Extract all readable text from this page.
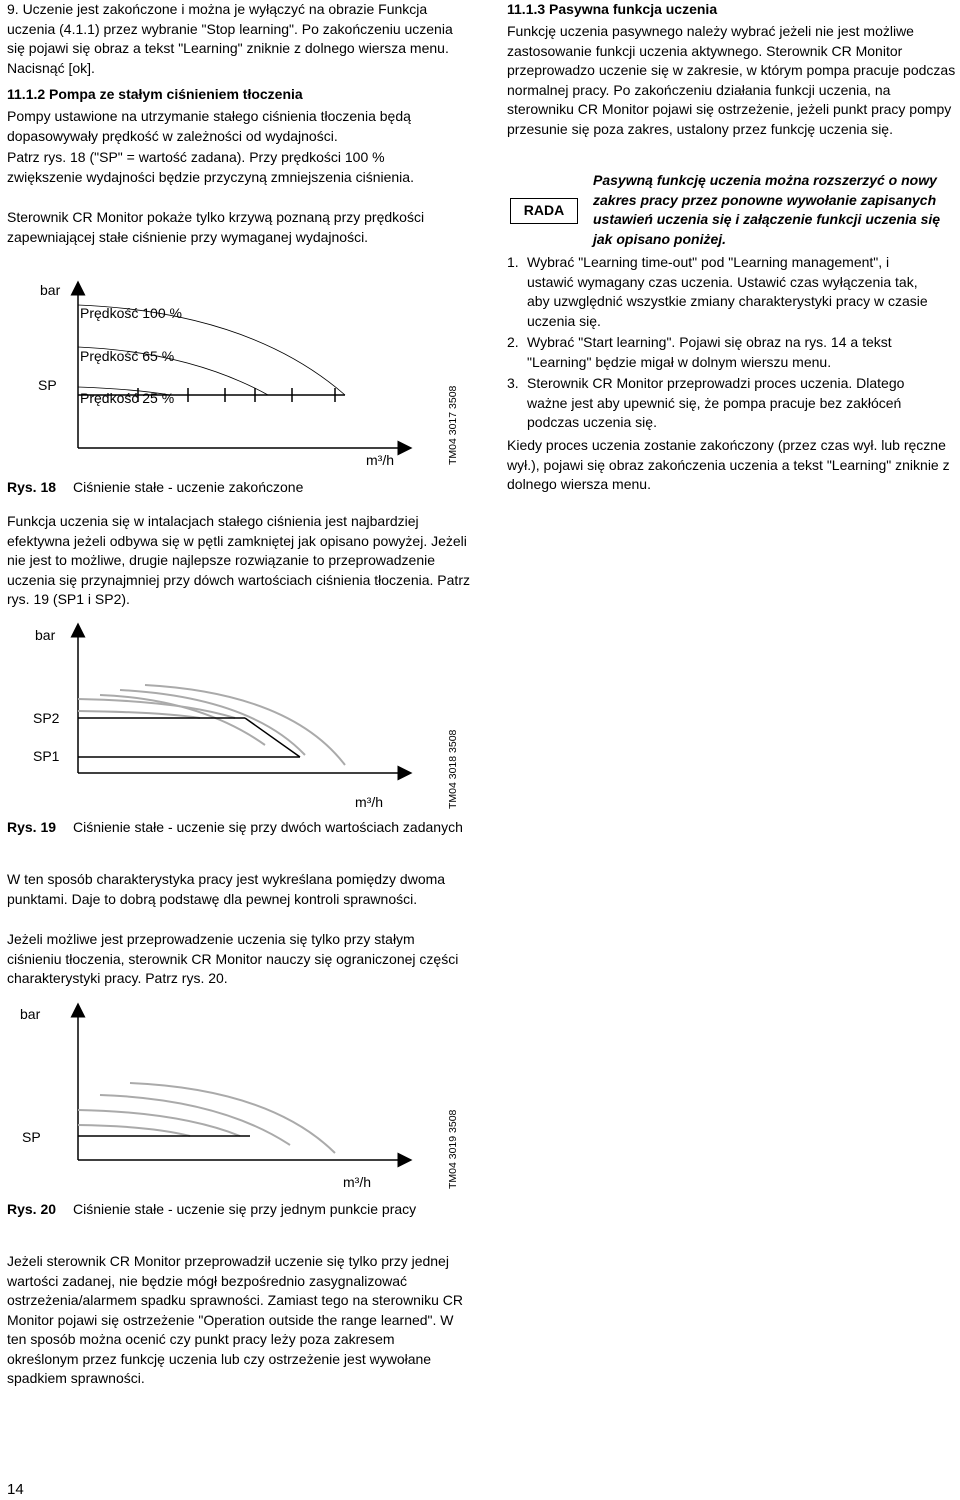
9. Uczenie jest zakończone i można je wyłączyć na obrazie Funkcja uczenia (4.1.1) przez wybranie "Stop learning". Po zakończeniu uczenia się pojawi się obraz a tekst "Learning" zniknie z dolnego wiersza menu. Nacisnąć [ok].

11.1.2 Pompa ze stałym ciśnieniem tłoczenia

Pompy ustawione na utrzymanie stałego ciśnienia tłoczenia będą dopasowywały prędkość w zależności od wydajności.

Patrz rys. 18 ("SP" = wartość zadana). Przy prędkości 100 % zwiększenie wydajności będzie przyczyną zmniejszenia ciśnienia.

Sterownik CR Monitor pokaże tylko krzywą poznaną przy prędkości zapewniającej stałe ciśnienie przy wymaganej wydajności.

Funkcja uczenia się w intalacjach stałego ciśnienia jest najbardziej efektywna jeżeli odbywa się w pętli zamkniętej jak opisano powyżej. Jeżeli nie jest to możliwe, drugie najlepsze rozwiązanie to przeprowadzenie uczenia się przynajmniej przy dówch wartościach ciśnienia tłoczenia. Patrz rys. 19 (SP1 i SP2).

W ten sposób charakterystyka pracy jest wykreślana pomiędzy dwoma punktami. Daje to dobrą podstawę dla pewnej kontroli sprawności.

Jeżeli możliwe jest przeprowadzenie uczenia się tylko przy stałym ciśnieniu tłoczenia, sterownik CR Monitor nauczy się ograniczonej części charakterystyki pracy. Patrz rys. 20.

Jeżeli sterownik CR Monitor przeprowadził uczenie się tylko przy jednej wartości zadanej, nie będzie mógł bezpośrednio zasygnalizować ostrzeżenia/alarmem spadku sprawności. Zamiast tego na sterowniku CR Monitor pojawi się ostrzeżenie "Operation outside the range learned". W ten sposób można ocenić czy punkt pracy leży poza zakresem określonym przez funkcję uczenia lub czy ostrzeżenie jest wywołane spadkiem sprawności.

bar
m³/h
SP
Prędkość 100 %
Prędkość 65 %
Prędkość 25 %	TM04 3017 3508
Rys. 18	Ciśnienie stałe - uczenie zakończone
bar
m³/h
SP2
SP1	TM04 3018 3508
Rys. 19	Ciśnienie stałe - uczenie się przy dwóch wartościach zadanych
bar
m³/h
SP	TM04 3019 3508
Rys. 20	Ciśnienie stałe - uczenie się przy jednym punkcie pracy

11.1.3 Pasywna funkcja uczenia

Funkcję uczenia pasywnego należy wybrać jeżeli nie jest możliwe zastosowanie funkcji uczenia aktywnego. Sterownik CR Monitor przeprowadzo uczenie się w zakresie, w którym pompa pracuje podczas normalnej pracy. Po zakończeniu działania funkcji uczenia, na sterowniku CR Monitor pojawi się ostrzeżenie, jeżeli punkt pracy pompy przesunie się poza zakres, ustalony przez funkcję uczenia się.

1. Wybrać "Learning time-out" pod "Learning management", i ustawić wymagany czas uczenia. Ustawić czas wyłączenia tak, aby uzwględnić wszystkie zmiany charakterystyki pracy w czasie uczenia się.
2. Wybrać "Start learning". Pojawi się obraz na rys. 14 a tekst "Learning" będzie migał w dolnym wierszu menu.
3. Sterownik CR Monitor przeprowadzi proces uczenia. Dlatego ważne jest aby upewnić się, że pompa pracuje bez zakłóceń podczas uczenia się.

Kiedy proces uczenia zostanie zakończony (przez czas wył. lub ręczne wył.), pojawi się obraz zakończenia uczenia a tekst "Learning" zniknie z dolnego wiersza menu.

RADA

Pasywną funkcję uczenia można rozszerzyć o nowy zakres pracy przez ponowne wywołanie zapisanych ustawień uczenia się i załączenie funkcji uczenia się jak opisano poniżej.

14
